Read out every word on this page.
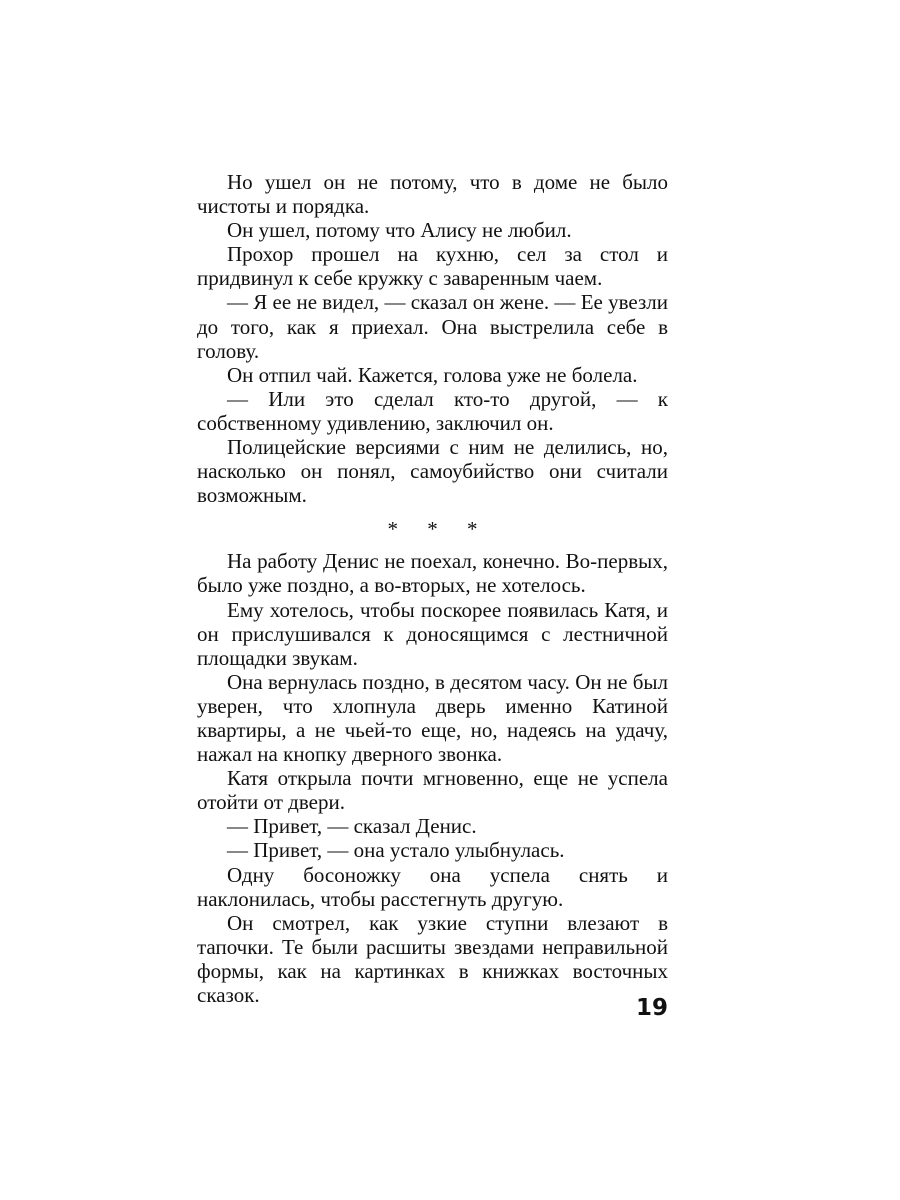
Но ушел он не потому, что в доме не было чистоты и порядка.

Он ушел, потому что Алису не любил.

Прохор прошел на кухню, сел за стол и придвинул к себе кружку с заваренным чаем.

— Я ее не видел, — сказал он жене. — Ее увезли до того, как я приехал. Она выстрелила себе в голову.

Он отпил чай. Кажется, голова уже не болела.

— Или это сделал кто-то другой, — к собственному удивлению, заключил он.

Полицейские версиями с ним не делились, но, насколько он понял, самоубийство они считали возможным.

* * *

На работу Денис не поехал, конечно. Во-первых, было уже поздно, а во-вторых, не хотелось.

Ему хотелось, чтобы поскорее появилась Катя, и он прислушивался к доносящимся с лестничной площадки звукам.

Она вернулась поздно, в десятом часу. Он не был уверен, что хлопнула дверь именно Катиной квартиры, а не чьей-то еще, но, надеясь на удачу, нажал на кнопку дверного звонка.

Катя открыла почти мгновенно, еще не успела отойти от двери.

— Привет, — сказал Денис.

— Привет, — она устало улыбнулась.

Одну босоножку она успела снять и наклонилась, чтобы расстегнуть другую.

Он смотрел, как узкие ступни влезают в тапочки. Те были расшиты звездами неправильной формы, как на картинках в книжках восточных сказок.	19
